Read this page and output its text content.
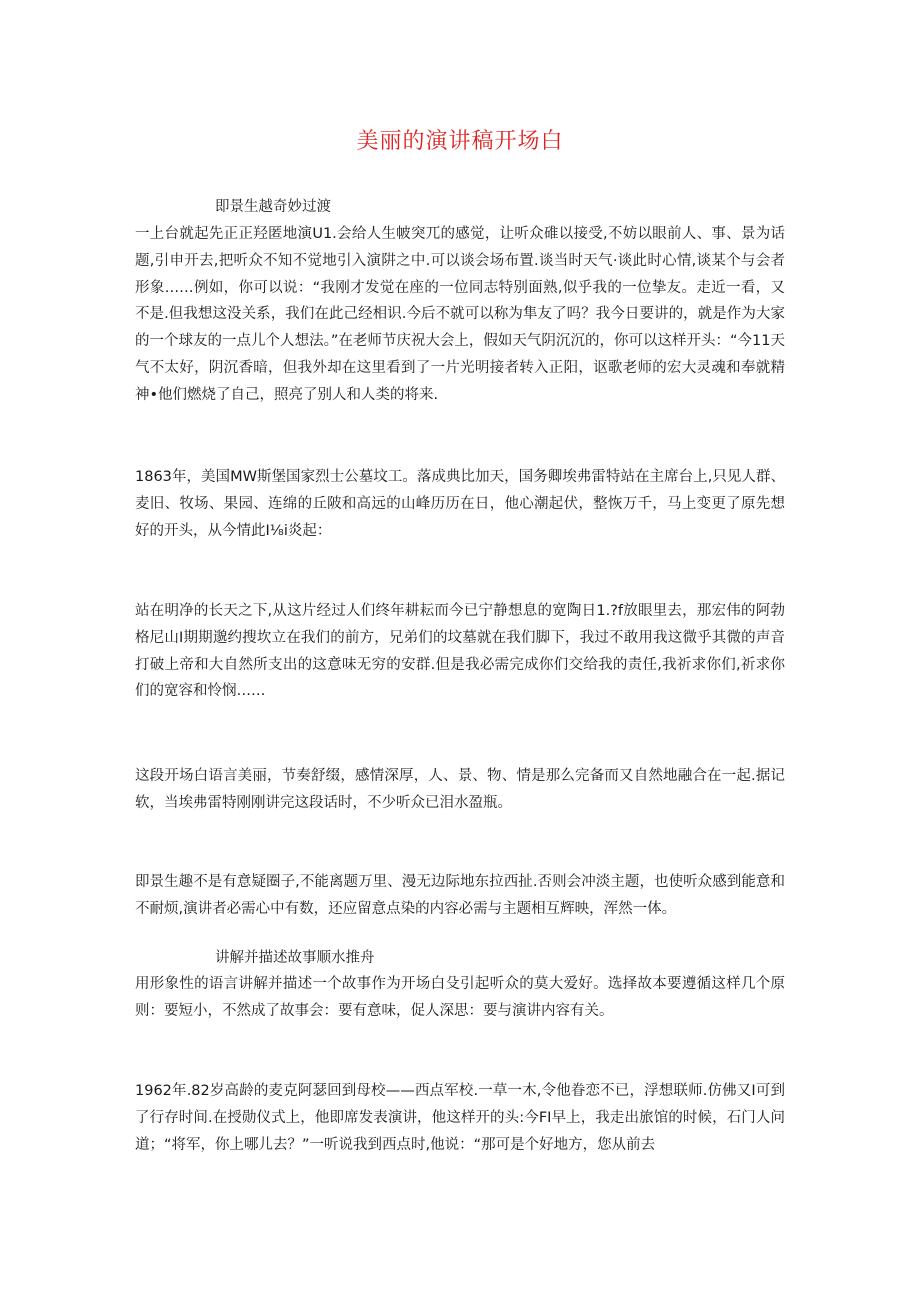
美丽的演讲稿开场白
即景生越奇妙过渡

一上台就起先正正羟匿地演U1.会给人生帔突兀的感觉，让听众碓以接受,不妨以眼前人、事、景为话题,引申开去,把听众不知不觉地引入演阱之中.可以谈会场布置.谈当时天气·谈此时心情,谈某个与会者形象……例如，你可以说：“我刚才发觉在座的一位同志特别面熟,似乎我的一位挚友。走近一看，又不是.但我想这没关系，我们在此己经相识.今后不就可以称为隼友了吗？我今日要讲的，就是作为大家的一个球友的一点儿个人想法。”在老师节庆祝大会上，假如天气阴沉沉的，你可以这样开头：“今11天气不太好，阴沉香暗，但我外却在这里看到了一片光明接者转入正阳，讴歌老师的宏大灵魂和奉就精神•他们燃烧了自己，照亮了别人和人类的将来.

1863年，美国MW斯堡国家烈士公墓坟工。落成典比加天，国务卿埃弗雷特站在主席台上,只见人群、麦旧、牧场、果园、连绵的丘陂和高远的山峰历历在日，他心潮起伏，整恢万千，马上变更了原先想好的开头，从今情此I⅛i炎起：

站在明净的长天之下,从这片经过人们终年耕耘而今已宁静想息的宽陶日1.?f放眼里去，那宏伟的阿勃格尼山I期期邈约搜坎立在我们的前方，兄弟们的坟墓就在我们脚下，我过不敢用我这微乎其微的声音打破上帝和大自然所支出的这意味无穷的安群.但是我必需完成你们交给我的责任,我祈求你们,祈求你们的宽容和怜悯……

这段开场白语言美丽，节奏舒缀，感情深厚，人、景、物、情是那么完备而又自然地融合在一起.据记软，当埃弗雷特刚刚讲完这段话时，不少听众已泪水盈瓶。

即景生趣不是有意疑圈子,不能离题万里、漫无边际地东拉西扯.否则会冲淡主题，也使听众感到能意和不耐烦,演讲者必需心中有数，还应留意点染的内容必需与主题相互辉映，浑然一体。

讲解并描述故事顺水推舟

用形象性的语言讲解并描述一个故事作为开场白殳引起听众的莫大爱好。选择故本要遵循这样几个原则：要短小，不然成了故事会：要有意味，促人深思：要与演讲内容有关。

1962年.82岁高龄的麦克阿瑟回到母校——西点军校.一草一木,令他眷恋不已，浮想联师.仿佛又I可到了行存时间.在授勋仪式上，他即席发表演讲，他这样开的头:今FI早上，我走出旅馆的时候，石门人问道；“将军，你上哪儿去？”一听说我到西点时,他说：“那可是个好地方，您从前去
